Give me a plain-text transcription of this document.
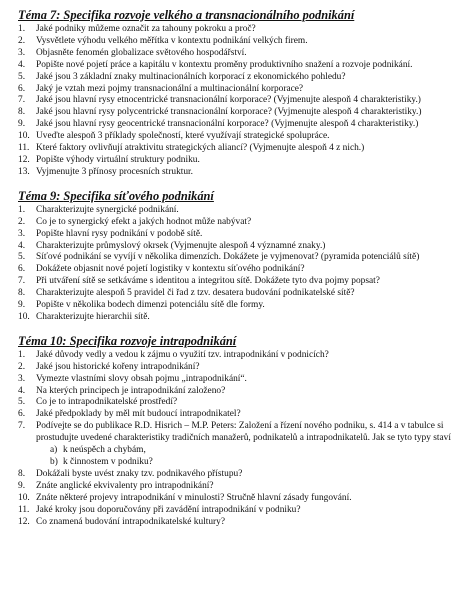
Téma 7: Specifika rozvoje velkého a transnacionálního podnikání
1.	Jaké podniky můžeme označit za tahouny pokroku a proč?
2.	Vysvětlete výhodu velkého měřítka v kontextu podnikání velkých firem.
3.	Objasněte fenomén globalizace světového hospodářství.
4.	Popište nové pojetí práce a kapitálu v kontextu proměny produktivního snažení a rozvoje podnikání.
5.	Jaké jsou 3 základní znaky multinacionálních korporací z ekonomického pohledu?
6.	Jaký je vztah mezi pojmy transnacionální a multinacionální korporace?
7.	Jaké jsou hlavní rysy etnocentrické transnacionální korporace? (Vyjmenujte alespoň 4 charakteristiky.)
8.	Jaké jsou hlavní rysy polycentrické transnacionální korporace? (Vyjmenujte alespoň 4 charakteristiky.)
9.	Jaké jsou hlavní rysy geocentrické transnacionální korporace? (Vyjmenujte alespoň 4 charakteristiky.)
10. Uveďte alespoň 3 příklady společností, které využívají strategické spolupráce.
11. Které faktory ovlivňují atraktivitu strategických aliancí? (Vyjmenujte alespoň 4 z nich.)
12. Popište výhody virtuální struktury podniku.
13. Vyjmenujte 3 přínosy procesních struktur.
Téma 9: Specifika síťového podnikání
1.	Charakterizujte synergické podnikání.
2.	Co je to synergický efekt a jakých hodnot může nabývat?
3.	Popište hlavní rysy podnikání v podobě sítě.
4.	Charakterizujte průmyslový okrsek (Vyjmenujte alespoň 4 významné znaky.)
5.	Síťové podnikání se vyvíjí v několika dimenzích. Dokážete je vyjmenovat? (pyramida potenciálů sítě)
6.	Dokážete objasnit nové pojetí logistiky v kontextu síťového podnikání?
7.	Při utváření sítě se setkáváme s identitou a integritou sítě. Dokážete tyto dva pojmy popsat?
8.	Charakterizujte alespoň 5 pravidel či řad z tzv. desatera budování podnikatelské sítě?
9.	Popište v několika bodech dimenzi potenciálu sítě dle formy.
10. Charakterizujte hierarchii sítě.
Téma 10: Specifika rozvoje intrapodnikání
1.	Jaké důvody vedly a vedou k zájmu o využití tzv. intrapodnikání v podnicích?
2.	Jaké jsou historické kořeny intrapodnikání?
3.	Vymezte vlastními slovy obsah pojmu „intrapodnikání“.
4.	Na kterých principech je intrapodnikání založeno?
5.	Co je to intrapodnikatelské prostředí?
6.	Jaké předpoklady by měl mít budoucí intrapodnikatel?
7.	Podívejte se do publikace R.D. Hisrich – M.P. Peters: Založení a řízení nového podniku, s. 414 a v tabulce si prostudujte uvedené charakteristiky tradičních manažerů, podnikatelů a intrapodnikatelů. Jak se tyto typy staví
a) k neúspěch a chybám,
b) k činnostem v podniku?
8.	Dokážali byste uvést znaky tzv. podnikavého přístupu?
9.	Znáte anglické ekvivalenty pro intrapodnikání?
10. Znáte některé projevy intrapodnikání v minulosti? Stručně hlavní zásady fungování.
11. Jaké kroky jsou doporučovány při zavádění intrapodnikání v podniku?
12. Co znamená budování intrapodnikatelské kultury?
